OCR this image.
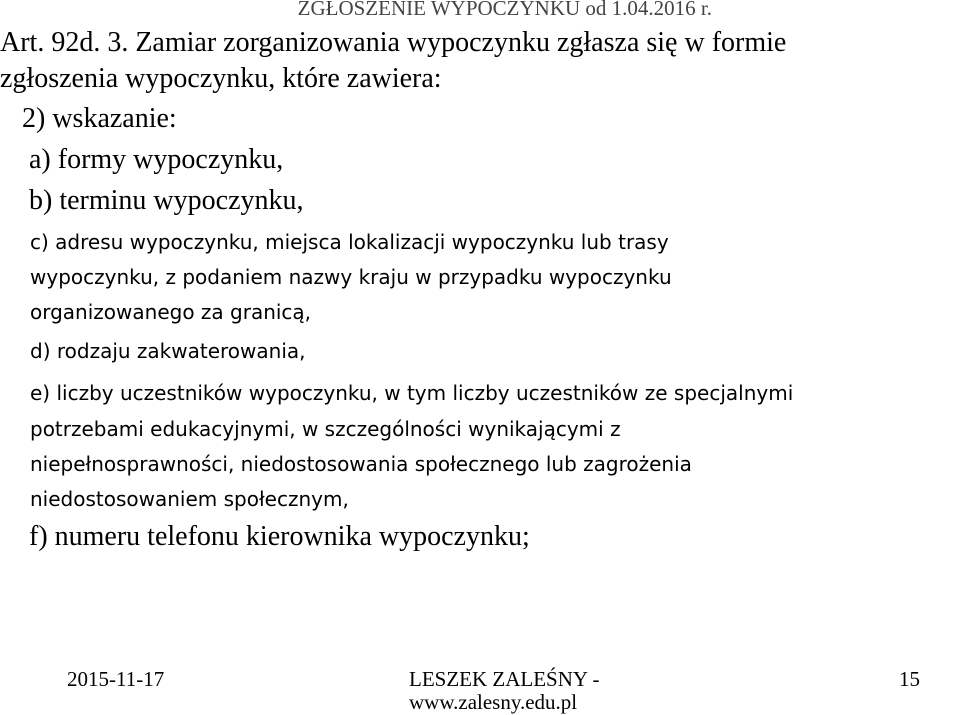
ZGŁOSZENIE WYPOCZYNKU od 1.04.2016 r.
Art. 92d. 3. Zamiar zorganizowania wypoczynku zgłasza się w formie
zgłoszenia wypoczynku, które zawiera:
2) wskazanie:
a) formy wypoczynku,
b) terminu wypoczynku,
c) adresu wypoczynku, miejsca lokalizacji wypoczynku lub trasy
wypoczynku, z podaniem nazwy kraju w przypadku wypoczynku
organizowanego za granicą,
d) rodzaju zakwaterowania,
e) liczby uczestników wypoczynku, w tym liczby uczestników ze specjalnymi
potrzebami edukacyjnymi, w szczególności wynikającymi z
niepełnosprawności, niedostosowania społecznego lub zagrożenia
niedostosowaniem społecznym,
f) numeru telefonu kierownika wypoczynku;
2015-11-17	LESZEK ZALEŚNY -
www.zalesny.edu.pl
15
